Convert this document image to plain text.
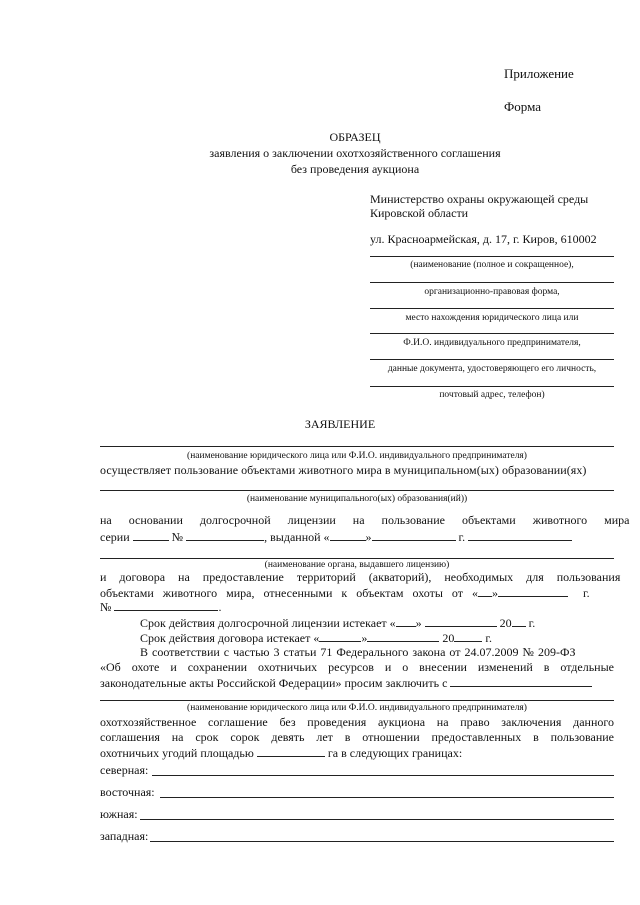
Приложение
Форма
ОБРАЗЕЦ
заявления о заключении охотхозяйственного соглашения
без проведения аукциона
Министерство охраны окружающей среды
Кировской области
ул. Красноармейская, д. 17, г. Киров, 610002
(наименование (полное и сокращенное),
организационно-правовая форма,
место нахождения юридического лица или
Ф.И.О. индивидуального предпринимателя,
данные документа, удостоверяющего его личность,
почтовый адрес, телефон)
ЗАЯВЛЕНИЕ
(наименование юридического лица или Ф.И.О. индивидуального предпринимателя)
осуществляет пользование объектами животного мира в муниципальном(ых) образовании(ях)
(наименование муниципального(ых) образования(ий))
на основании долгосрочной лицензии на пользование объектами животного мира
серии	№	, выданной «	»	г.
(наименование органа, выдавшего лицензию)
и договора на предоставление территорий (акваторий), необходимых для пользования
объектами животного мира, отнесенными к объектам охоты от « »	г.
№	.
Срок действия долгосрочной лицензии истекает « »	20 г.
Срок действия договора истекает «	»	20	г.
В соответствии с частью 3 статьи 71 Федерального закона от 24.07.2009 № 209-ФЗ
«Об охоте и сохранении охотничьих ресурсов и о внесении изменений в отдельные
законодательные акты Российской Федерации» просим заключить с
(наименование юридического лица или Ф.И.О. индивидуального предпринимателя)
охотхозяйственное соглашение без проведения аукциона на право заключения данного
соглашения на срок сорок девять лет в отношении предоставленных в пользование
охотничьих угодий площадью	га в следующих границах:
северная:
восточная:
южная:
западная:
